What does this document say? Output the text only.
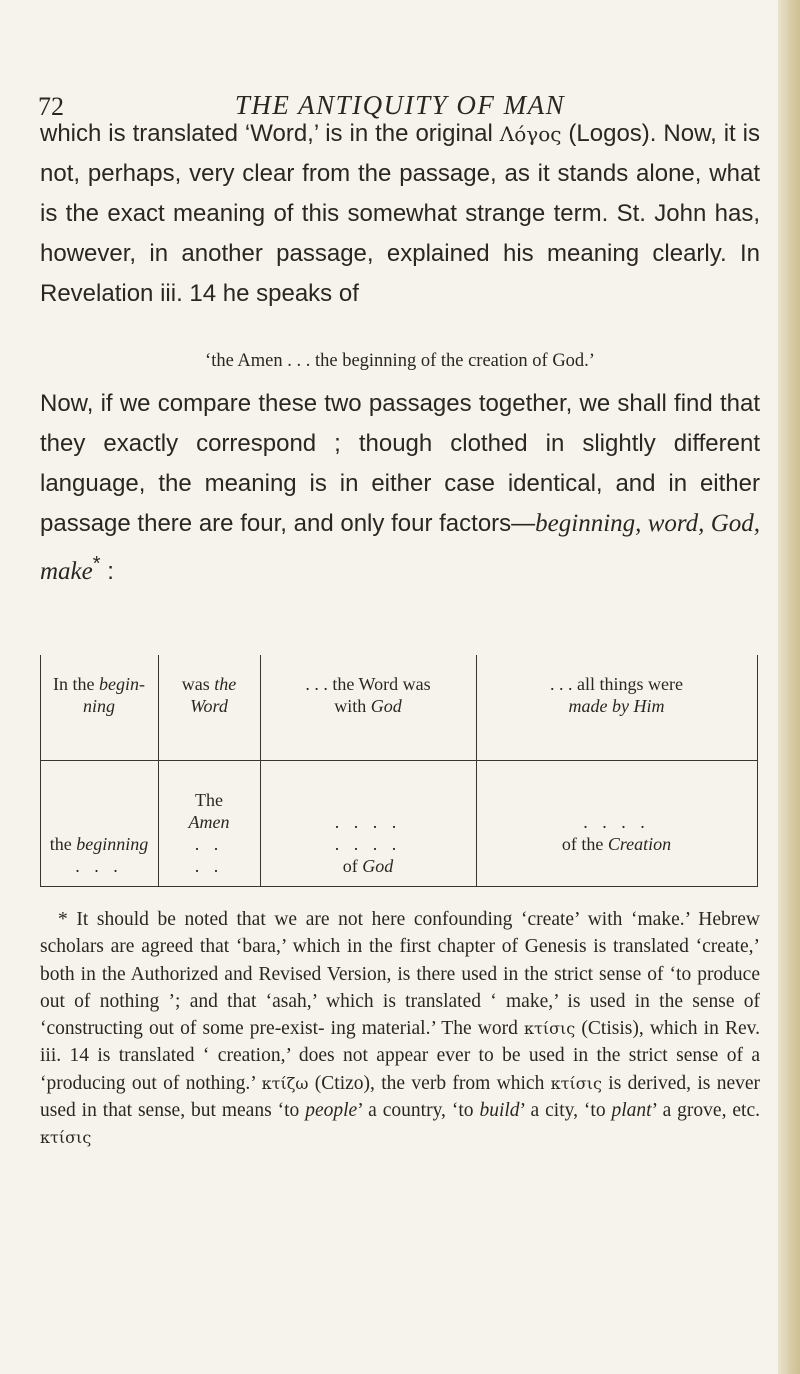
72	THE ANTIQUITY OF MAN

which is translated ‘Word,’ is in the original Λόγος (Logos). Now, it is not, perhaps, very clear from the passage, as it stands alone, what is the exact meaning of this somewhat strange term. St. John has, however, in another passage, explained his meaning clearly. In Revelation iii. 14 he speaks of

‘the Amen . . . the beginning of the creation of God.’

Now, if we compare these two passages together, we shall find that they exactly correspond ; though clothed in slightly different language, the meaning is in either case identical, and in either passage there are four, and only four factors—beginning, word, God, make* :

In the begin-
ning
was the
Word
. . . the Word was
with God
. . . all things were
made by Him
the beginning
. . .
The
Amen
. .
. .
. . . .
. . . .
of God
. . . .
of the Creation

* It should be noted that we are not here confounding ‘create’ with ‘make.’ Hebrew scholars are agreed that ‘bara,’ which in the first chapter of Genesis is translated ‘create,’ both in the Authorized and Revised Version, is there used in the strict sense of ‘to produce out of nothing ’; and that ‘asah,’ which is translated ‘ make,’ is used in the sense of ‘constructing out of some pre-exist- ing material.’ The word κτίσις (Ctisis), which in Rev. iii. 14 is translated ‘ creation,’ does not appear ever to be used in the strict sense of a ‘producing out of nothing.’ κτίζω (Ctizo), the verb from which κτίσις is derived, is never used in that sense, but means ‘to people’ a country, ‘to build’ a city, ‘to plant’ a grove, etc. κτίσις
